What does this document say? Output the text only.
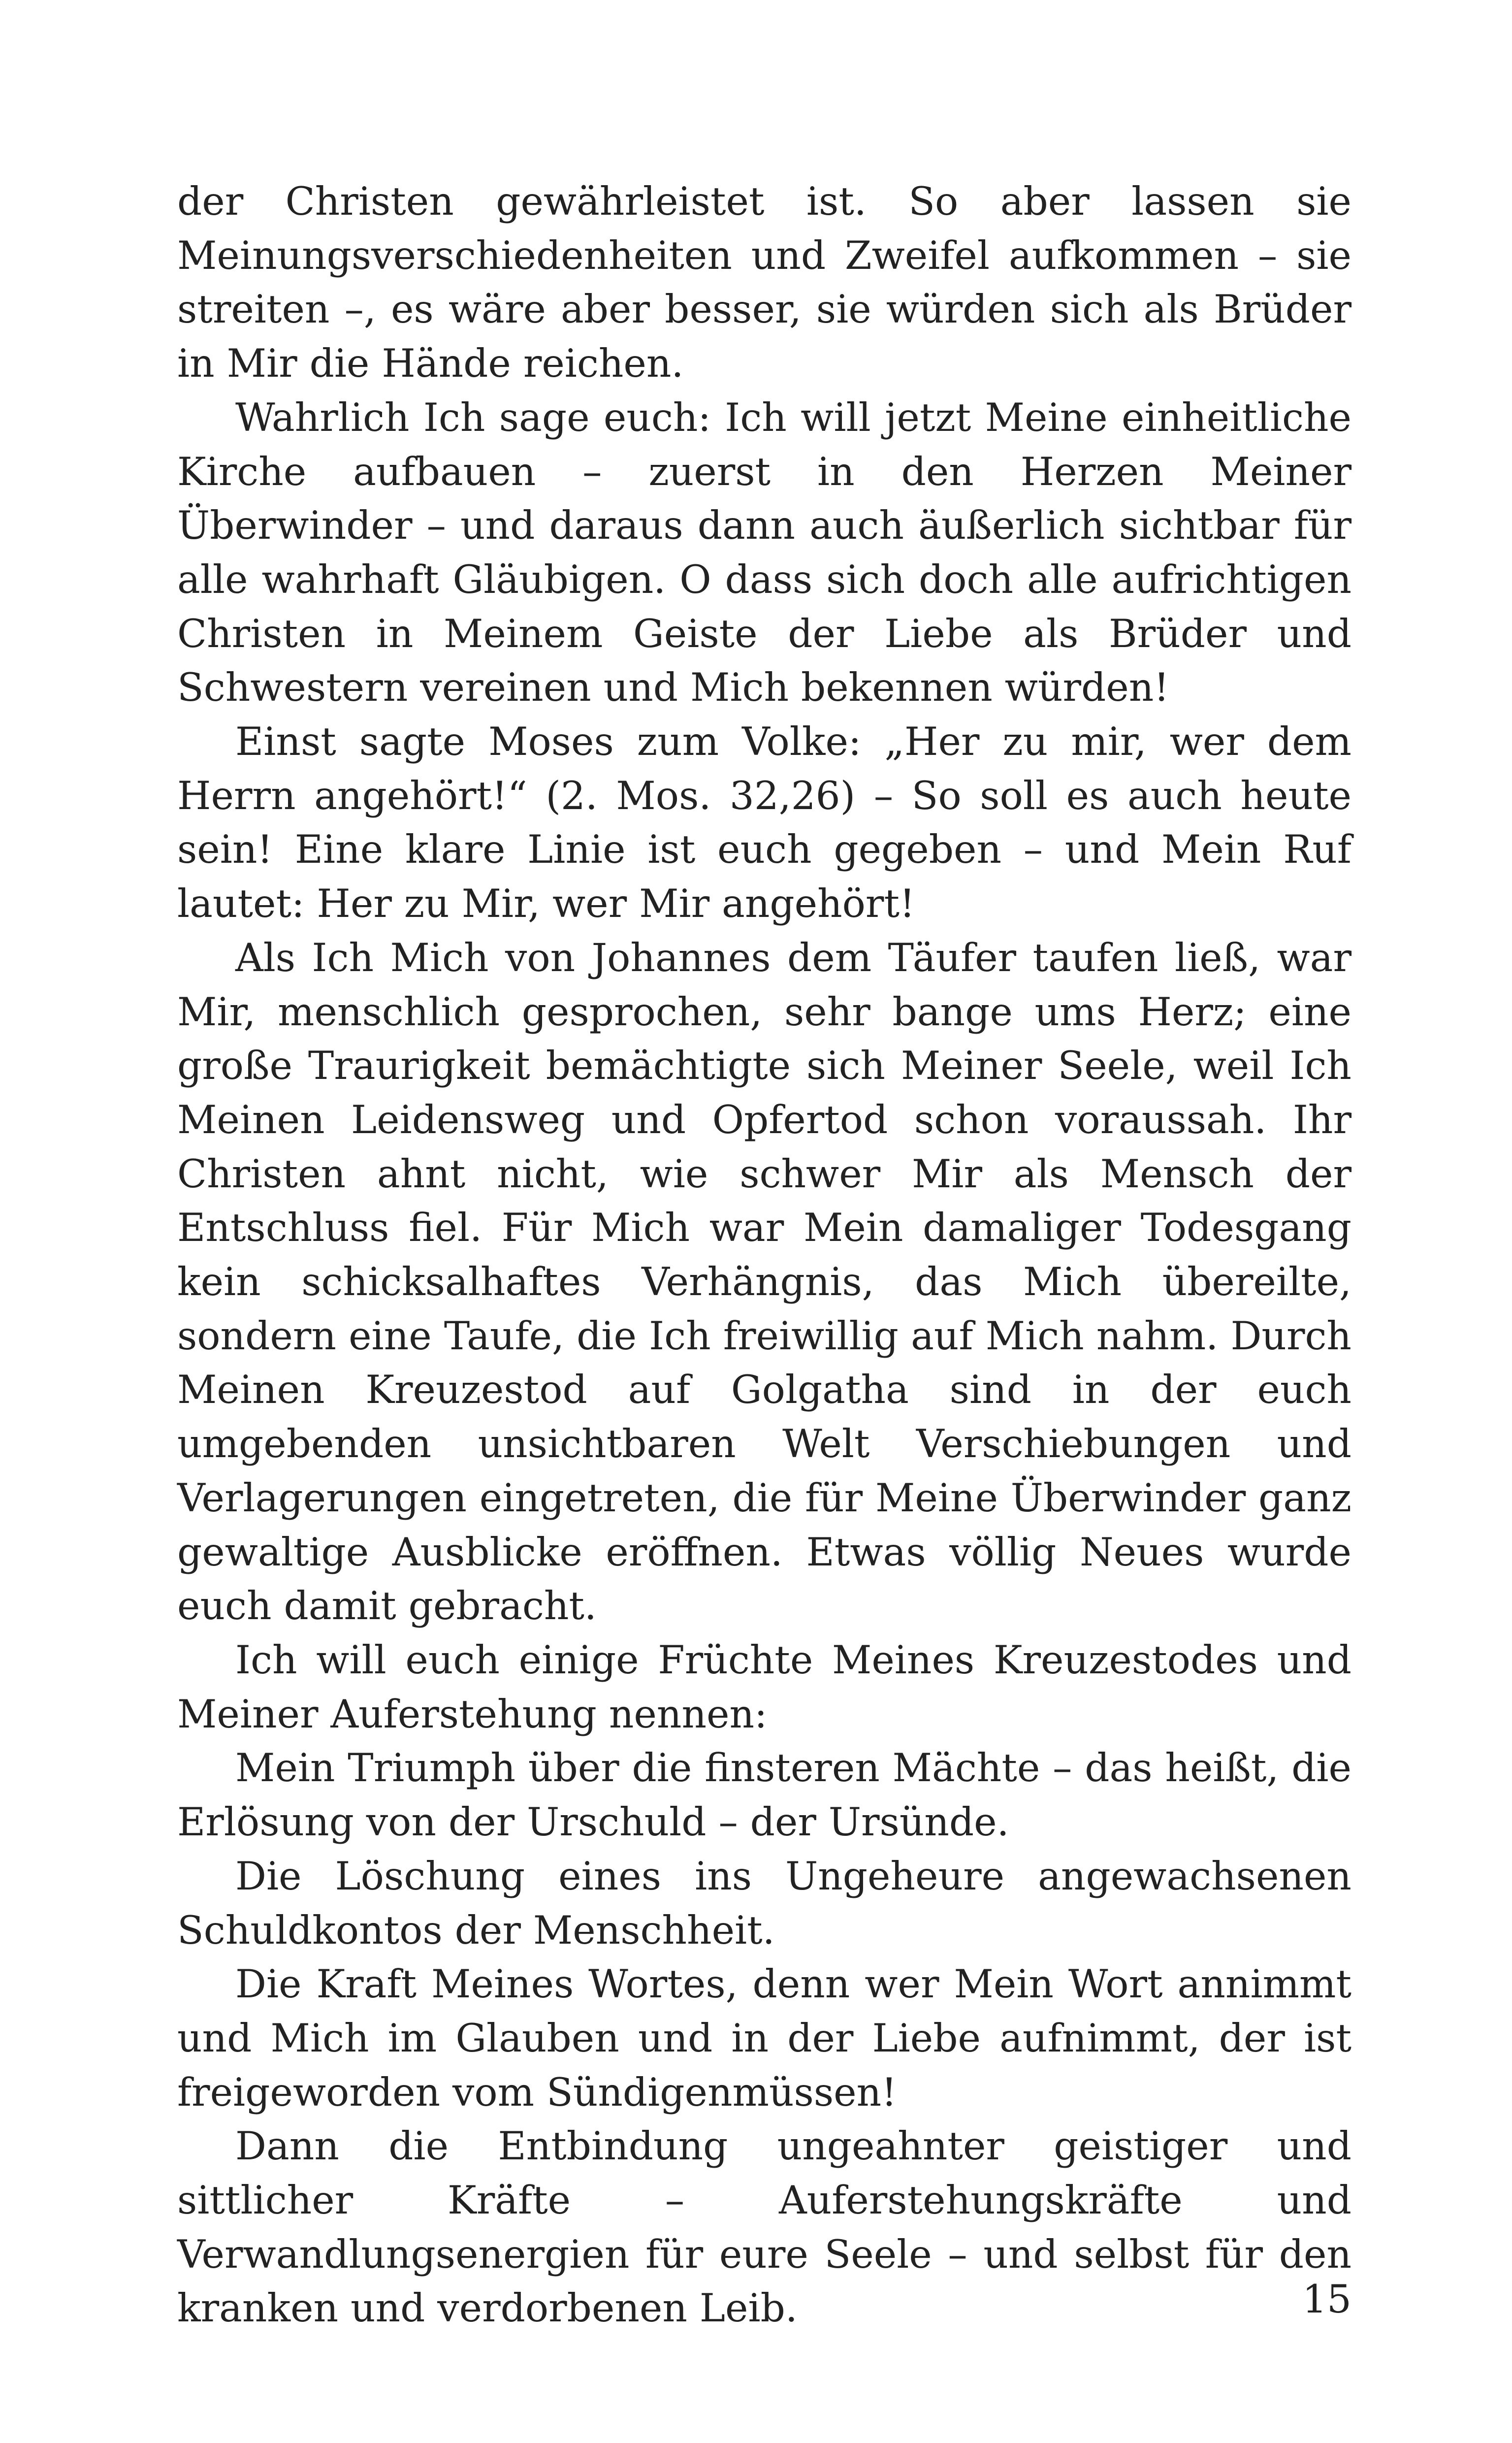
der Christen gewährleistet ist. So aber lassen sie Meinungsverschiedenheiten und Zweifel aufkommen – sie streiten –, es wäre aber besser, sie würden sich als Brüder in Mir die Hände reichen.

Wahrlich Ich sage euch: Ich will jetzt Meine einheitliche Kirche aufbauen – zuerst in den Herzen Meiner Überwinder – und daraus dann auch äußerlich sichtbar für alle wahrhaft Gläubigen. O dass sich doch alle aufrichtigen Christen in Meinem Geiste der Liebe als Brüder und Schwestern vereinen und Mich bekennen würden!

Einst sagte Moses zum Volke: „Her zu mir, wer dem Herrn angehört!“ (2. Mos. 32,26) – So soll es auch heute sein! Eine klare Linie ist euch gegeben – und Mein Ruf lautet: Her zu Mir, wer Mir angehört!

Als Ich Mich von Johannes dem Täufer taufen ließ, war Mir, menschlich gesprochen, sehr bange ums Herz; eine große Traurigkeit bemächtigte sich Meiner Seele, weil Ich Meinen Leidensweg und Opfertod schon voraussah. Ihr Christen ahnt nicht, wie schwer Mir als Mensch der Entschluss fiel. Für Mich war Mein damaliger Todesgang kein schicksalhaftes Verhängnis, das Mich übereilte, sondern eine Taufe, die Ich freiwillig auf Mich nahm. Durch Meinen Kreuzestod auf Golgatha sind in der euch umgebenden unsichtbaren Welt Verschiebungen und Verlagerungen eingetreten, die für Meine Überwinder ganz gewaltige Ausblicke eröffnen. Etwas völlig Neues wurde euch damit gebracht.

Ich will euch einige Früchte Meines Kreuzestodes und Meiner Auferstehung nennen:

Mein Triumph über die finsteren Mächte – das heißt, die Erlösung von der Urschuld – der Ursünde.

Die Löschung eines ins Ungeheure angewachsenen Schuldkontos der Menschheit.

Die Kraft Meines Wortes, denn wer Mein Wort annimmt und Mich im Glauben und in der Liebe aufnimmt, der ist freigeworden vom Sündigenmüssen!

Dann die Entbindung ungeahnter geistiger und sittlicher Kräfte – Auferstehungskräfte und Verwandlungsenergien für eure Seele – und selbst für den kranken und verdorbenen Leib.	15
